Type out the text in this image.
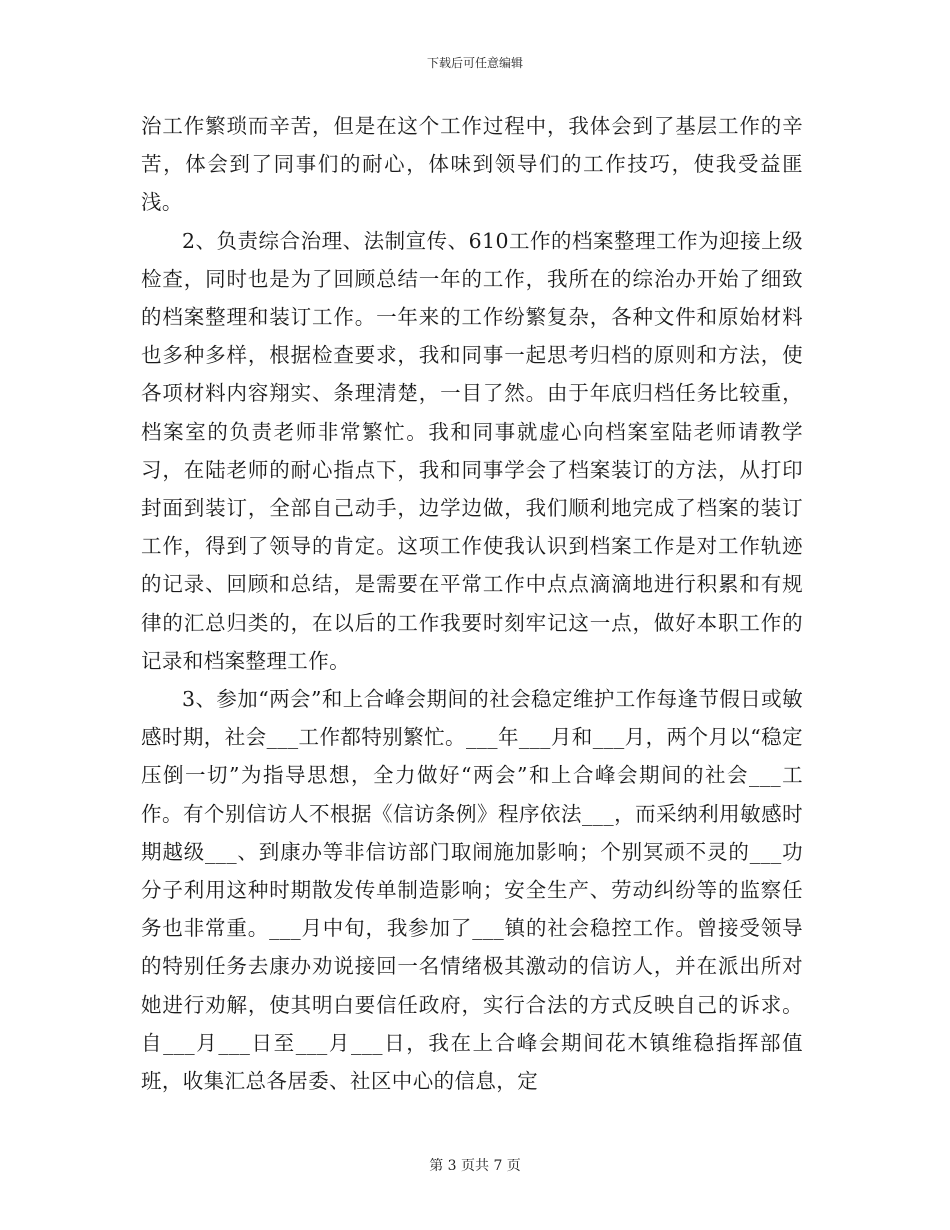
下载后可任意编辑

治工作繁琐而辛苦，但是在这个工作过程中，我体会到了基层工作的辛苦，体会到了同事们的耐心，体味到领导们的工作技巧，使我受益匪浅。

2、负责综合治理、法制宣传、610工作的档案整理工作为迎接上级检查，同时也是为了回顾总结一年的工作，我所在的综治办开始了细致的档案整理和装订工作。一年来的工作纷繁复杂，各种文件和原始材料也多种多样，根据检查要求，我和同事一起思考归档的原则和方法，使各项材料内容翔实、条理清楚，一目了然。由于年底归档任务比较重，档案室的负责老师非常繁忙。我和同事就虚心向档案室陆老师请教学习，在陆老师的耐心指点下，我和同事学会了档案装订的方法，从打印封面到装订，全部自己动手，边学边做，我们顺利地完成了档案的装订工作，得到了领导的肯定。这项工作使我认识到档案工作是对工作轨迹的记录、回顾和总结，是需要在平常工作中点点滴滴地进行积累和有规律的汇总归类的，在以后的工作我要时刻牢记这一点，做好本职工作的记录和档案整理工作。

3、参加“两会”和上合峰会期间的社会稳定维护工作每逢节假日或敏感时期，社会___工作都特别繁忙。___年___月和___月，两个月以“稳定压倒一切”为指导思想，全力做好“两会”和上合峰会期间的社会___工作。有个别信访人不根据《信访条例》程序依法___，而采纳利用敏感时期越级___、到康办等非信访部门取闹施加影响；个别冥顽不灵的___功分子利用这种时期散发传单制造影响；安全生产、劳动纠纷等的监察任务也非常重。___月中旬，我参加了___镇的社会稳控工作。曾接受领导的特别任务去康办劝说接回一名情绪极其激动的信访人，并在派出所对她进行劝解，使其明白要信任政府，实行合法的方式反映自己的诉求。自___月___日至___月___日，我在上合峰会期间花木镇维稳指挥部值班，收集汇总各居委、社区中心的信息，定

第 3 页共 7 页
